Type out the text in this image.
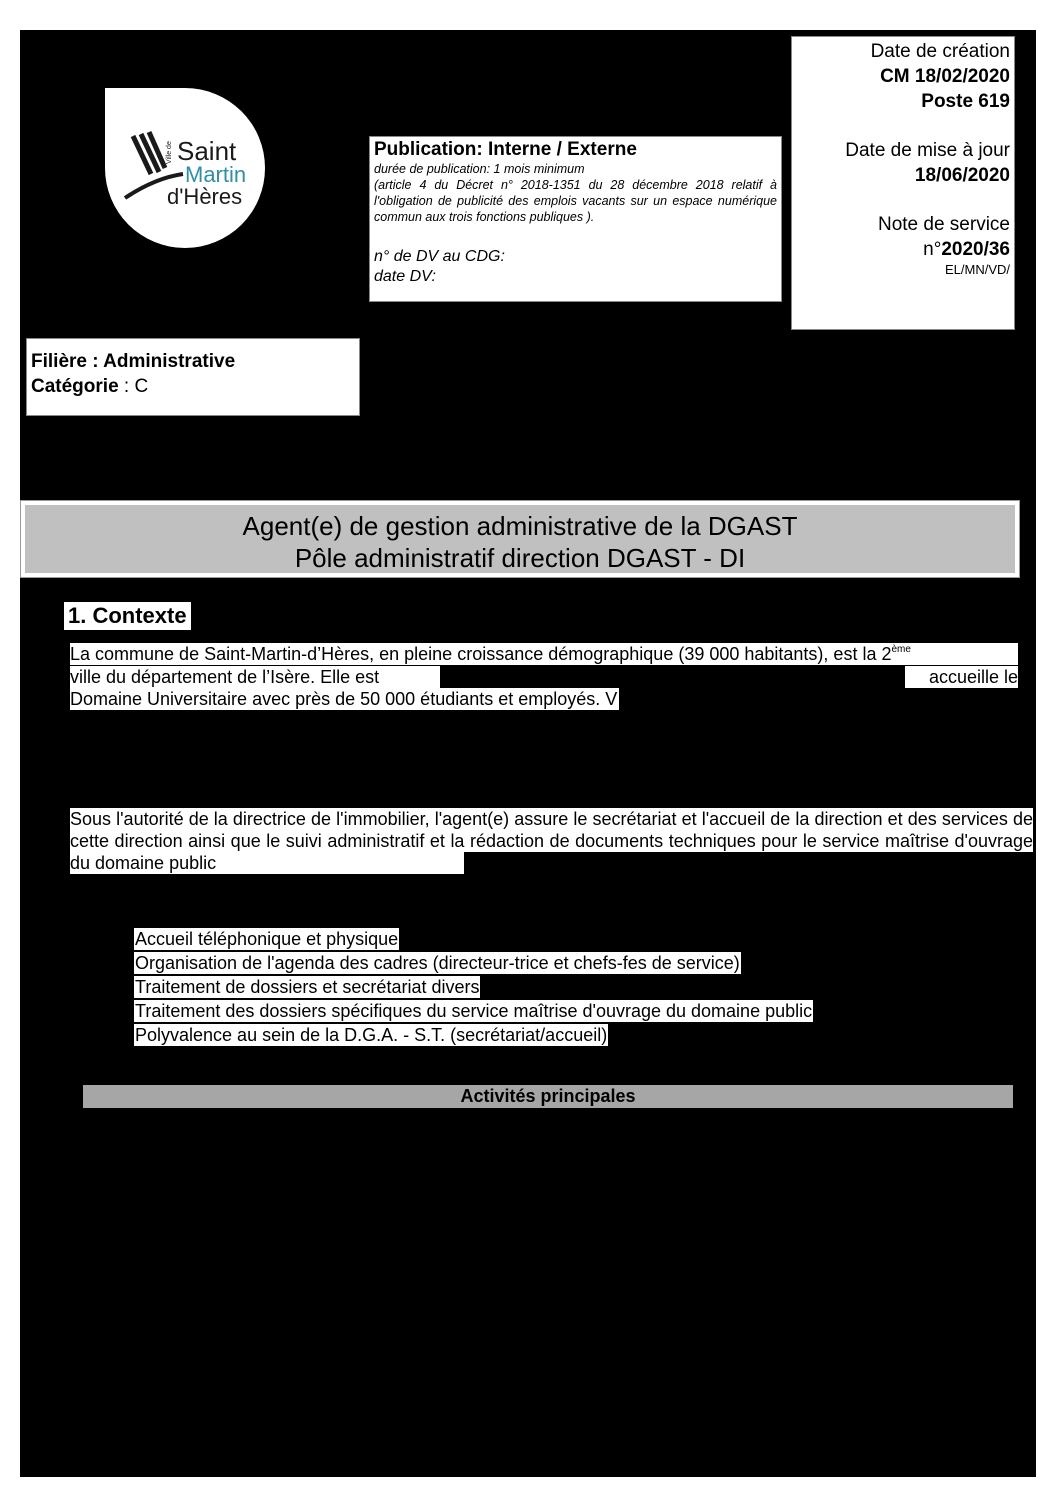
Ville de Saint
Martin
d'Hères
Publication: Interne / Externe
durée de publication: 1 mois minimum
(article 4 du Décret n° 2018-1351 du 28 décembre 2018 relatif à l'obligation de publicité des emplois vacants sur un espace numérique commun aux trois fonctions publiques ).
n° de DV au CDG:
date DV:
Date de création
CM 18/02/2020
Poste 619
Date de mise à jour
18/06/2020
Note de service
n°2020/36
EL/MN/VD/
Filière : Administrative
Catégorie : C
Agent(e) de gestion administrative de la DGAST
Pôle administratif direction DGAST - DI
1. Contexte
La commune de Saint-Martin-d’Hères, en pleine croissance démographique (39 000 habitants), est la 2ème
ville du département de l’Isère. Elle est	accueille le
Domaine Universitaire avec près de 50 000 étudiants et employés. V
Sous l'autorité de la directrice de l'immobilier, l'agent(e) assure le secrétariat et l'accueil de la direction et des services de cette direction ainsi que le suivi administratif et la rédaction de documents techniques pour le service maîtrise d'ouvrage du domaine public
Accueil téléphonique et physique
Organisation de l'agenda des cadres (directeur-trice et chefs-fes de service)
Traitement de dossiers et secrétariat divers
Traitement des dossiers spécifiques du service maîtrise d'ouvrage du domaine public
Polyvalence au sein de la D.G.A. - S.T. (secrétariat/accueil)
Activités principales
